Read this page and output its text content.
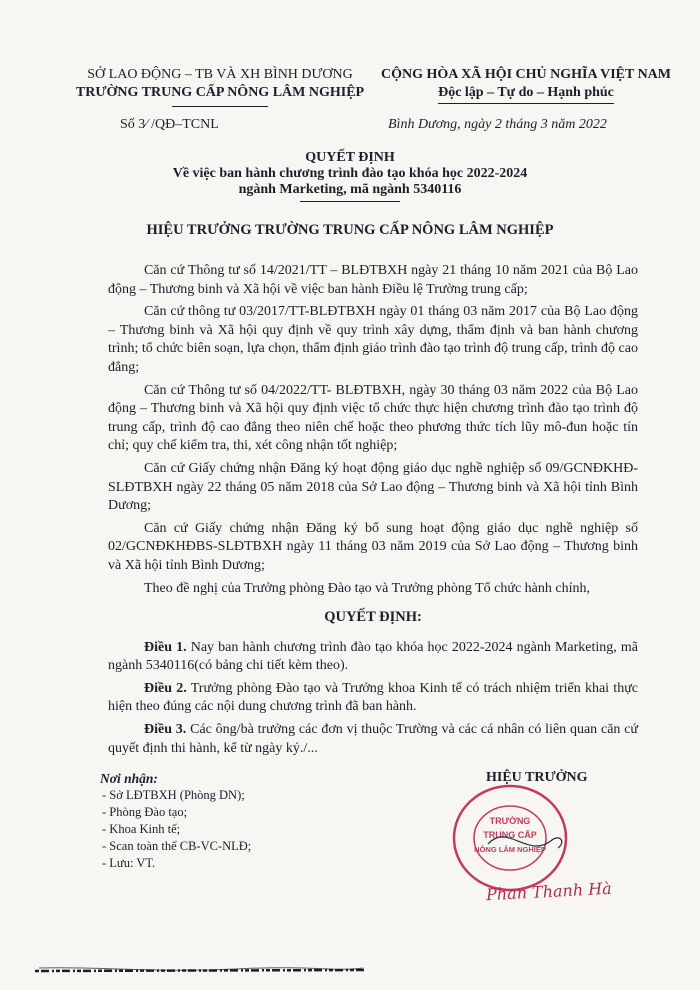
SỞ LAO ĐỘNG – TB VÀ XH BÌNH DƯƠNG
TRƯỜNG TRUNG CẤP NÔNG LÂM NGHIỆP
CỘNG HÒA XÃ HỘI CHỦ NGHĨA VIỆT NAM
Độc lập – Tự do – Hạnh phúc
Số 3⁄ /QĐ–TCNL	Bình Dương, ngày 2 tháng 3 năm 2022
QUYẾT ĐỊNH
Về việc ban hành chương trình đào tạo khóa học 2022-2024
ngành Marketing, mã ngành 5340116
HIỆU TRƯỞNG TRƯỜNG TRUNG CẤP NÔNG LÂM NGHIỆP

Căn cứ Thông tư số 14/2021/TT – BLĐTBXH ngày 21 tháng 10 năm 2021 của Bộ Lao động – Thương binh và Xã hội về việc ban hành Điều lệ Trường trung cấp;

Căn cứ thông tư 03/2017/TT-BLĐTBXH ngày 01 tháng 03 năm 2017 của Bộ Lao động – Thương binh và Xã hội quy định về quy trình xây dựng, thẩm định và ban hành chương trình; tổ chức biên soạn, lựa chọn, thẩm định giáo trình đào tạo trình độ trung cấp, trình độ cao đẳng;

Căn cứ Thông tư số 04/2022/TT- BLĐTBXH, ngày 30 tháng 03 năm 2022 của Bộ Lao động – Thương binh và Xã hội quy định việc tổ chức thực hiện chương trình đào tạo trình độ trung cấp, trình độ cao đẳng theo niên chế hoặc theo phương thức tích lũy mô-đun hoặc tín chỉ; quy chế kiểm tra, thi, xét công nhận tốt nghiệp;

Căn cứ Giấy chứng nhận Đăng ký hoạt động giáo dục nghề nghiệp số 09/GCNĐKHĐ-SLĐTBXH ngày 22 tháng 05 năm 2018 của Sở Lao động – Thương binh và Xã hội tỉnh Bình Dương;

Căn cứ Giấy chứng nhận Đăng ký bổ sung hoạt động giáo dục nghề nghiệp số 02/GCNĐKHĐBS-SLĐTBXH ngày 11 tháng 03 năm 2019 của Sở Lao động – Thương binh và Xã hội tỉnh Bình Dương;

Theo đề nghị của Trưởng phòng Đào tạo và Trưởng phòng Tổ chức hành chính,

QUYẾT ĐỊNH:

Điều 1. Nay ban hành chương trình đào tạo khóa học 2022-2024 ngành Marketing, mã ngành 5340116(có bảng chi tiết kèm theo).

Điều 2. Trưởng phòng Đào tạo và Trưởng khoa Kinh tế có trách nhiệm triển khai thực hiện theo đúng các nội dung chương trình đã ban hành.

Điều 3. Các ông/bà trưởng các đơn vị thuộc Trường và các cá nhân có liên quan căn cứ quyết định thi hành, kể từ ngày ký./...

Nơi nhận:
- Sở LĐTBXH (Phòng DN);
- Phòng Đào tạo;
- Khoa Kinh tế;
- Scan toàn thể CB-VC-NLĐ;
- Lưu: VT.
HIỆU TRƯỞNG
TRƯỜNG
TRUNG CẤP
NÔNG LÂM NGHIỆP
Phan Thanh Hà
